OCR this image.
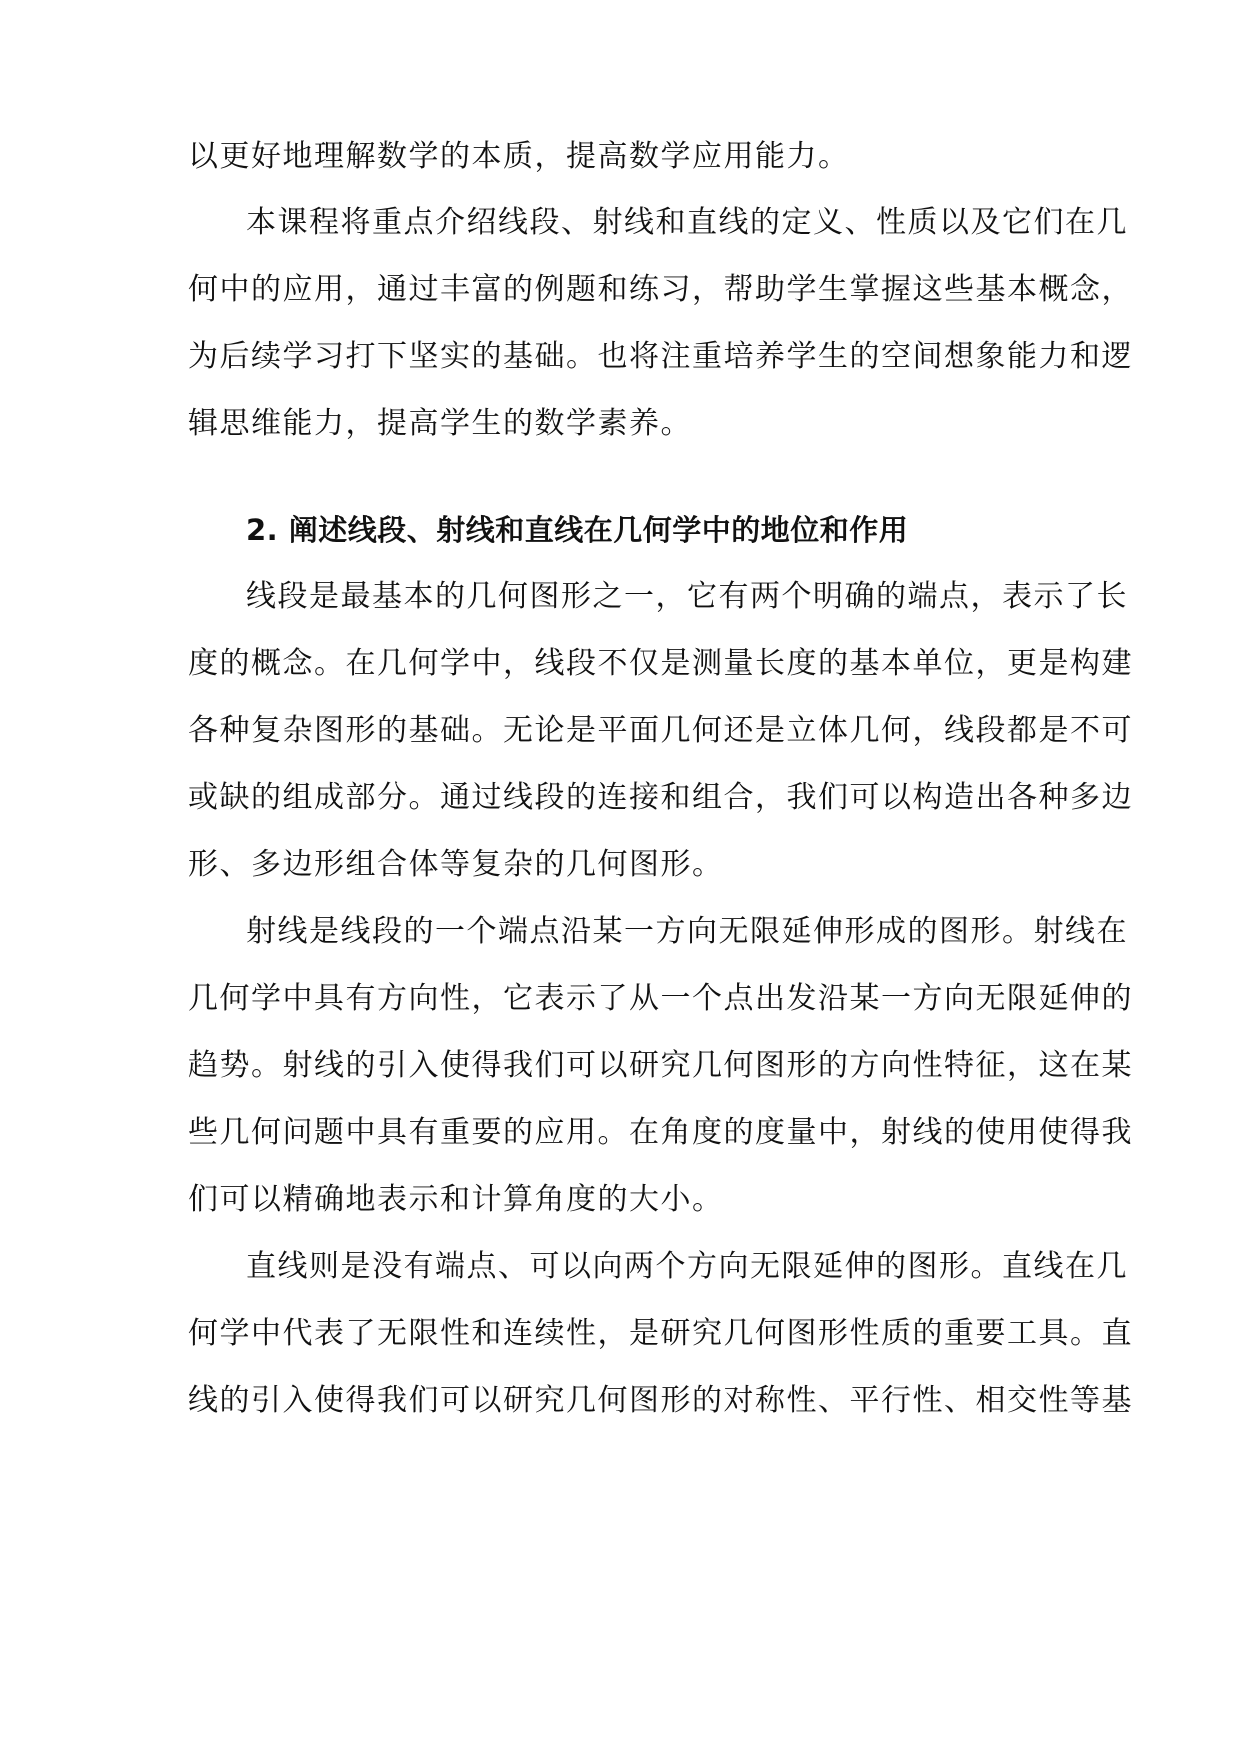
以更好地理解数学的本质，提高数学应用能力。
本课程将重点介绍线段、射线和直线的定义、性质以及它们在几
何中的应用，通过丰富的例题和练习，帮助学生掌握这些基本概念，
为后续学习打下坚实的基础。也将注重培养学生的空间想象能力和逻
辑思维能力，提高学生的数学素养。
2. 阐述线段、射线和直线在几何学中的地位和作用
线段是最基本的几何图形之一，它有两个明确的端点，表示了长
度的概念。在几何学中，线段不仅是测量长度的基本单位，更是构建
各种复杂图形的基础。无论是平面几何还是立体几何，线段都是不可
或缺的组成部分。通过线段的连接和组合，我们可以构造出各种多边
形、多边形组合体等复杂的几何图形。
射线是线段的一个端点沿某一方向无限延伸形成的图形。射线在
几何学中具有方向性，它表示了从一个点出发沿某一方向无限延伸的
趋势。射线的引入使得我们可以研究几何图形的方向性特征，这在某
些几何问题中具有重要的应用。在角度的度量中，射线的使用使得我
们可以精确地表示和计算角度的大小。
直线则是没有端点、可以向两个方向无限延伸的图形。直线在几
何学中代表了无限性和连续性，是研究几何图形性质的重要工具。直
线的引入使得我们可以研究几何图形的对称性、平行性、相交性等基
